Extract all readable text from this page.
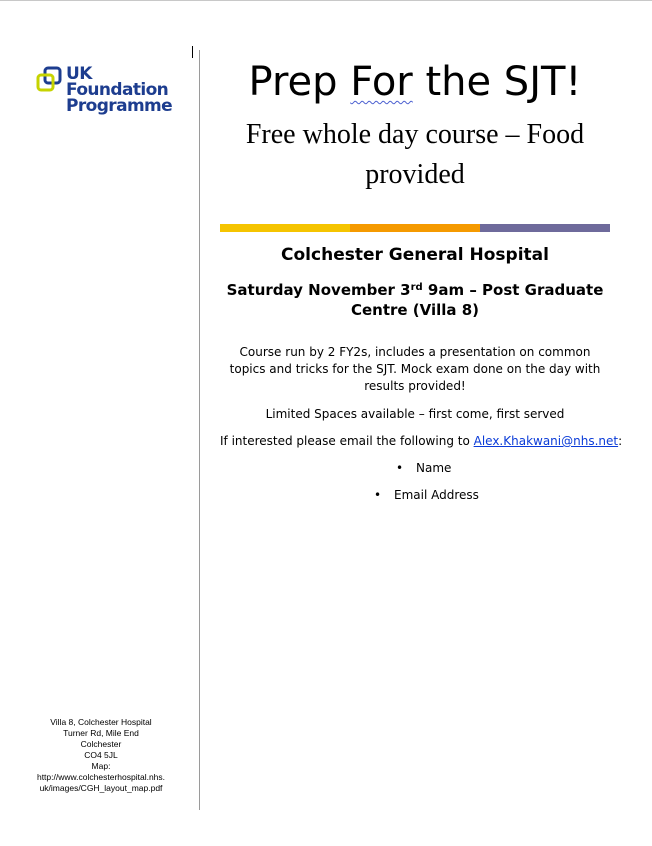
UK
Foundation
Programme
Villa 8, Colchester Hospital
Turner Rd, Mile End
Colchester
CO4 5JL
Map:
http://www.colchesterhospital.nhs.uk/images/CGH_layout_map.pdf
Prep For the SJT!
Free whole day course – Food provided
Colchester General Hospital
Saturday November 3rd 9am – Post Graduate Centre (Villa 8)
Course run by 2 FY2s, includes a presentation on common topics and tricks for the SJT. Mock exam done on the day with results provided!
Limited Spaces available – first come, first served
If interested please email the following to Alex.Khakwani@nhs.net:
• Name
• Email Address
